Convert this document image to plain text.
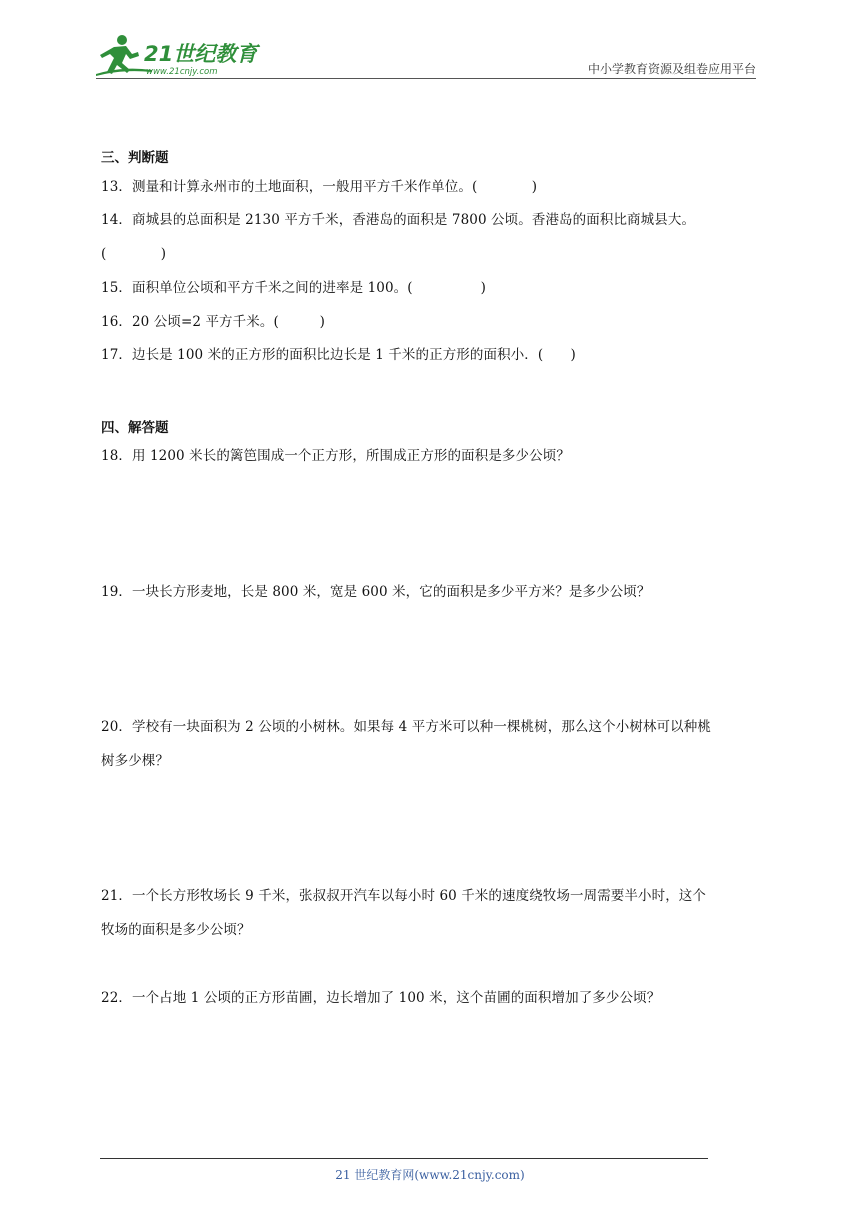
21世纪教育
www.21cnjy.com	中小学教育资源及组卷应用平台
三、判断题
13．测量和计算永州市的土地面积，一般用平方千米作单位。(　　　　)
14．商城县的总面积是 2130 平方千米，香港岛的面积是 7800 公顷。香港岛的面积比商城县大。
(　　　　)
15．面积单位公顷和平方千米之间的进率是 100。(　　　　　)
16．20 公顷=2 平方千米。(　　　)
17．边长是 100 米的正方形的面积比边长是 1 千米的正方形的面积小．(　　)
四、解答题
18．用 1200 米长的篱笆围成一个正方形，所围成正方形的面积是多少公顷？
19．一块长方形麦地，长是 800 米，宽是 600 米，它的面积是多少平方米？是多少公顷？
20．学校有一块面积为 2 公顷的小树林。如果每 4 平方米可以种一棵桃树，那么这个小树林可以种桃
树多少棵？
21．一个长方形牧场长 9 千米，张叔叔开汽车以每小时 60 千米的速度绕牧场一周需要半小时，这个
牧场的面积是多少公顷？
22．一个占地 1 公顷的正方形苗圃，边长增加了 100 米，这个苗圃的面积增加了多少公顷？
21 世纪教育网(www.21cnjy.com)
